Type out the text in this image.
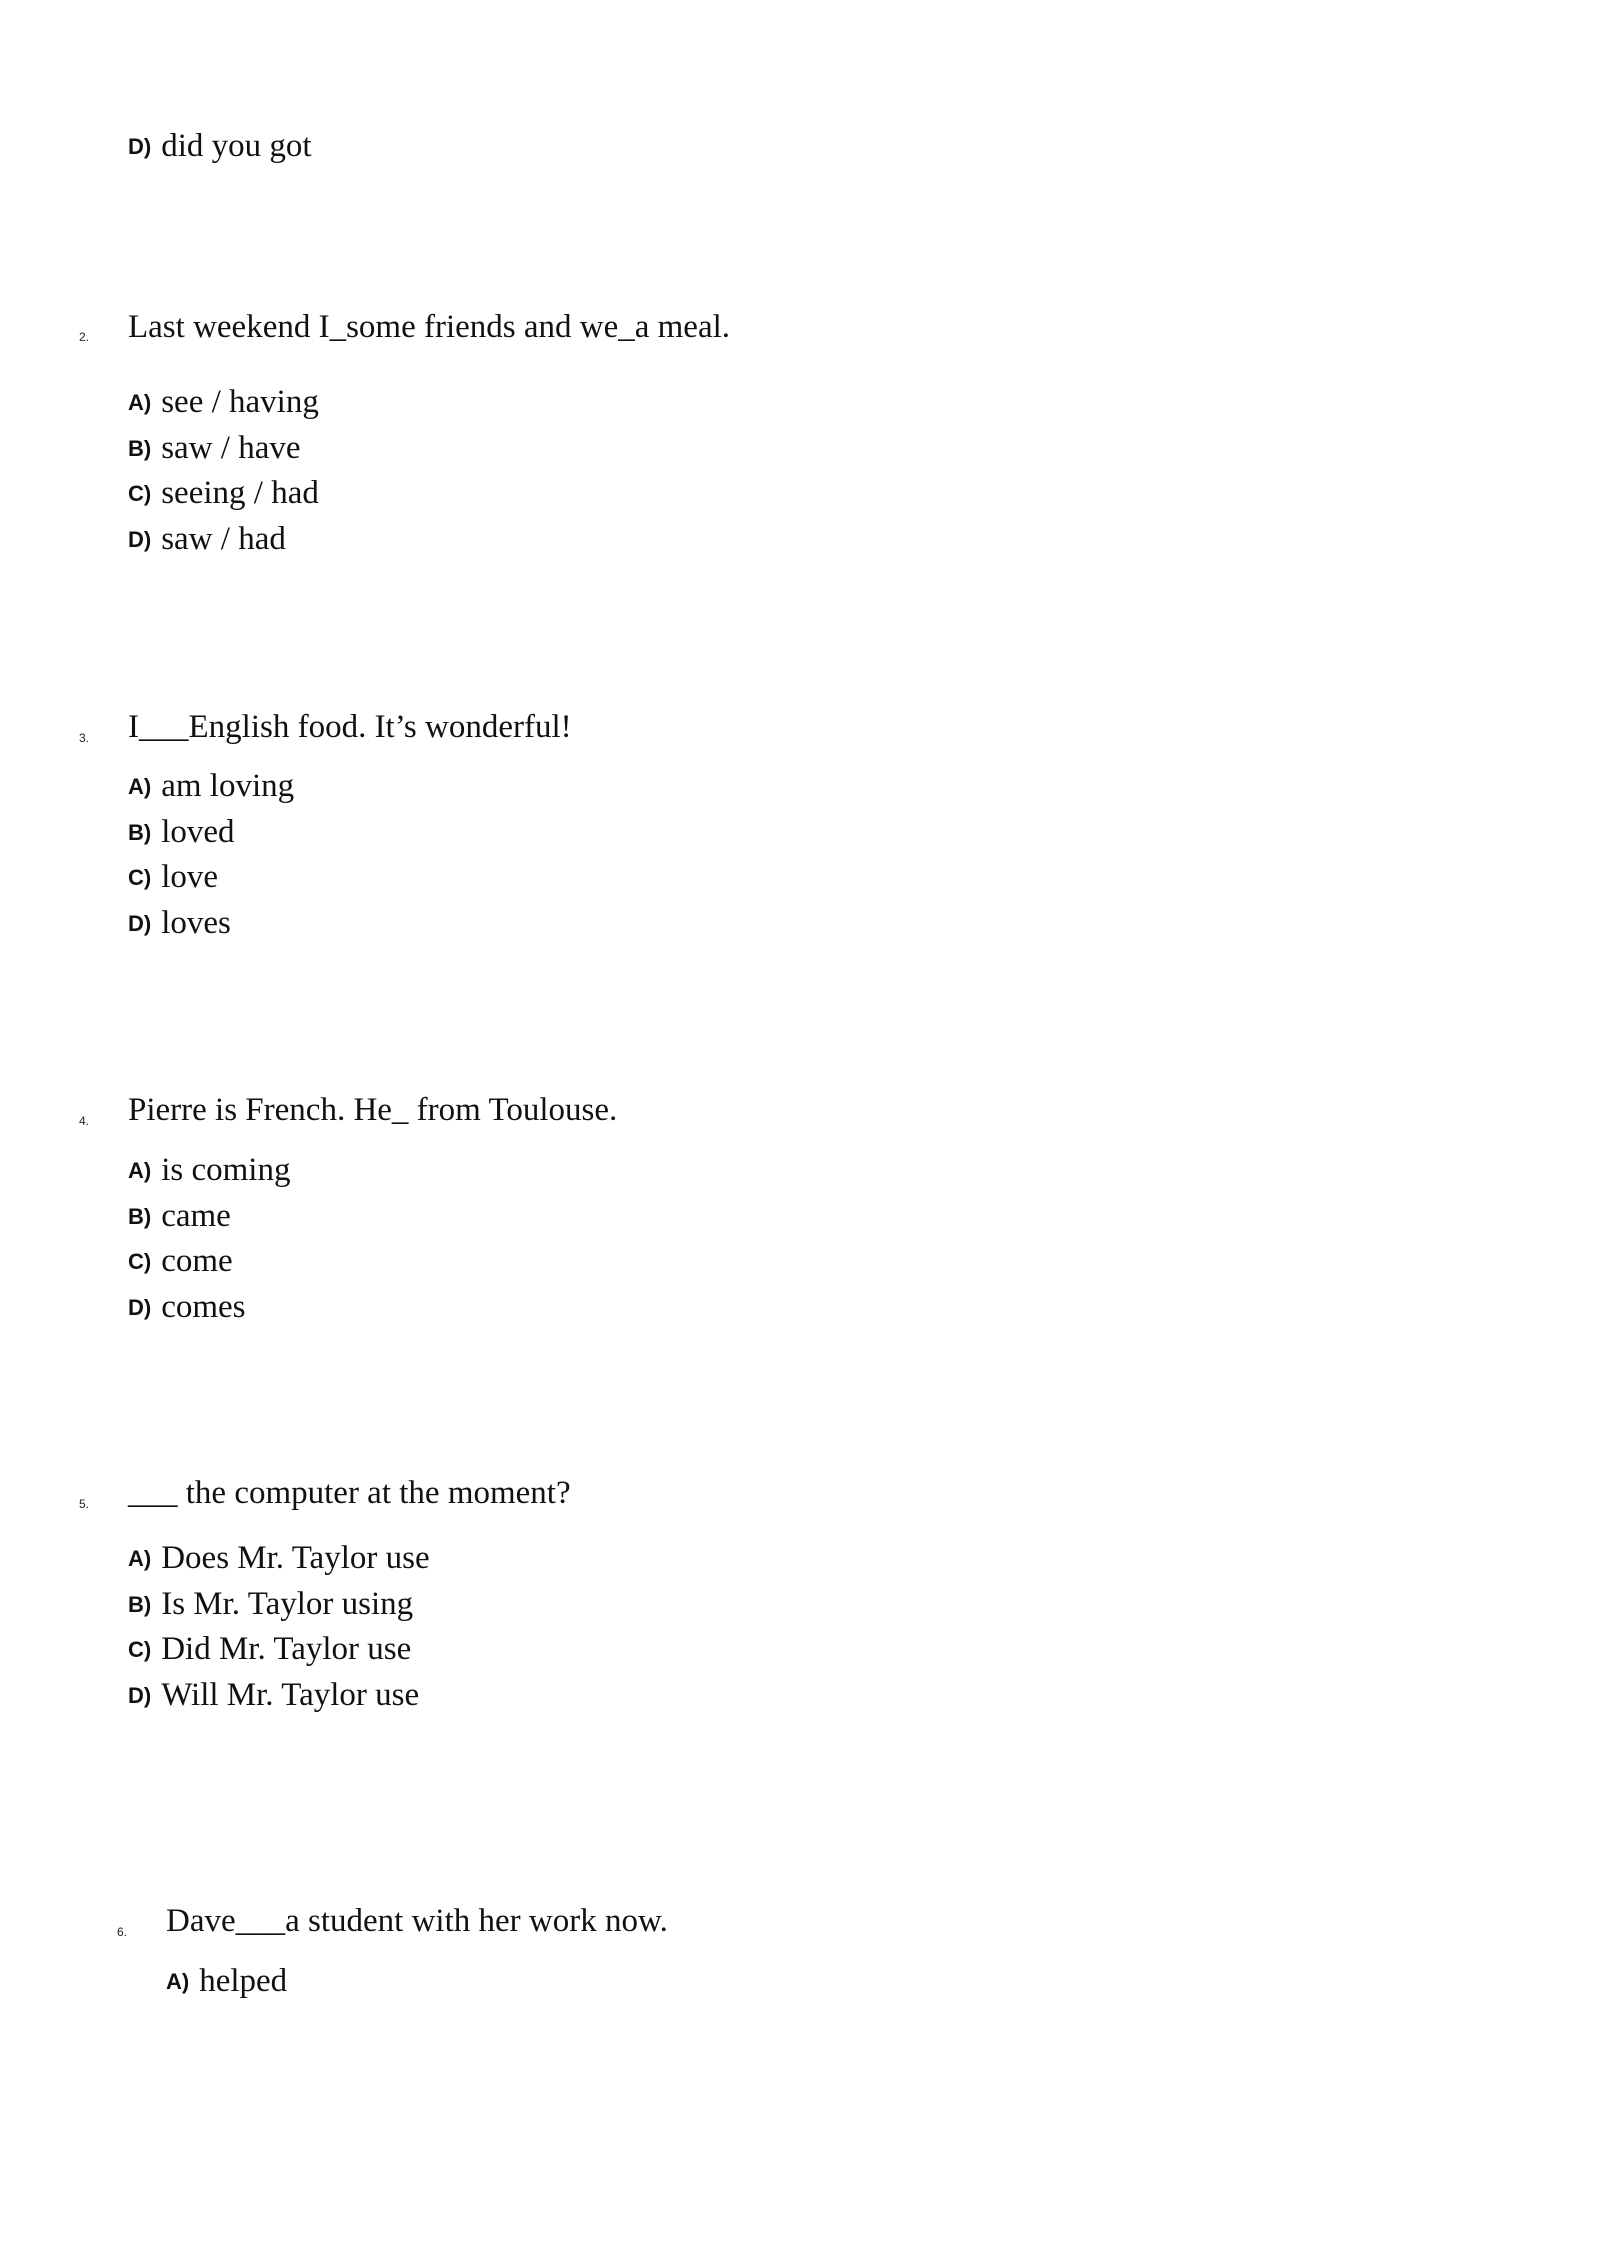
D) did you got
2. Last weekend I_some friends and we_a meal.
A) see / having
B) saw / have
C) seeing / had
D) saw / had
3. I___English food. It’s wonderful!
A) am loving
B) loved
C) love
D) loves
4. Pierre is French. He_ from Toulouse.
A) is coming
B) came
C) come
D) comes
5. ___ the computer at the moment?
A) Does Mr. Taylor use
B) Is Mr. Taylor using
C) Did Mr. Taylor use
D) Will Mr. Taylor use
6. Dave___a student with her work now.
A) helped
